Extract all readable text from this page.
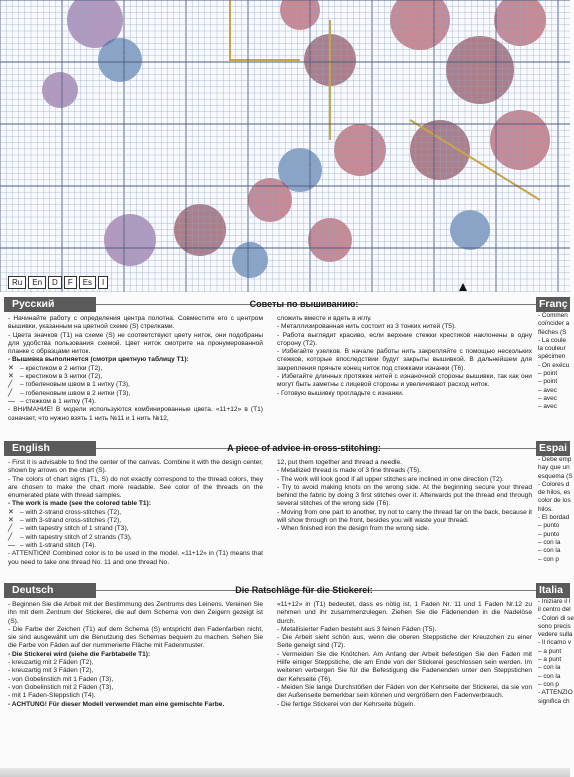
Ru	En	D	F	Es	I
Русский	Советы по вышиванию:

- Начинайте работу с определения центра полотна. Совместите его с центром вышивки, указанным на цветной схеме (S) стрелками.

- Цвета значков (T1) на схеме (S) не соответствуют цвету ниток, они подобраны для удобства пользования схемой. Цвет ниток смотрите на пронумерованной планке с образцами ниток.

- Вышивка выполняется (смотри цветную таблицу T1):

✕ – крестиком в 2 нитки (T2),

✕ – крестиком в 3 нитки (T2),

╱ – гобеленовым швом в 1 нитку (T3),

╱ – гобеленовым швом в 2 нитки (T3),

— – стежком в 1 нитку (T4).

- ВНИМАНИЕ! В модели используются комбинированные цвета. «11+12» в (T1) означает, что нужно взять 1 нить №11 и 1 нить №12,

сложить вместе и вдеть в иглу.

- Металлизированная нить состоит из 3 тонких нитей (T5).

- Работа выглядит красиво, если верхние стежки крестиков наклонены в одну сторону (T2).

- Избегайте узелков. В начале работы нить закрепляйте с помощью нескольких стежков, которые впоследствии будут закрыты вышивкой. В дальнейшем для закрепления прячьте конец ниток под стежками изнанки (T6).

- Избегайте длинных протяжек нитей с изнаночной стороны вышивки, так как они могут быть заметны с лицевой стороны и увеличивают расход ниток.

- Готовую вышивку прогладьте с изнанки.

English	A piece of advice in cross-stitching:

- First it is advisable to find the center of the canvas. Combine it with the design center, shown by arrows on the chart (S).

- The colors of chart signs (T1, S) do not exactly correspond to the thread colors, they are chosen to make the chart more readable. See color of the threads on the enumerated plate with thread samples.

- The work is made (see the colored table T1):

✕ – with 2-strand cross-stitches (T2),

✕ – with 3-strand cross-stitches (T2),

╱ – with tapestry stitch of 1 strand (T3),

╱ – with tapestry stitch of 2 strands (T3),

— – with 1-strand stitch (T4).

- ATTENTION! Combined color is to be used in the model. «11+12» in (T1) means that you need to take one thread No. 11 and one thread No.

12, put them together and thread a needle.

- Metallized thread is made of 3 fine threads (T5).

- The work will look good if all upper stitches are inclined in one direction (T2).

- Try to avoid making knots on the wrong side. At the beginning secure your thread behind the fabric by doing 3 first stitches over it. Afterwards put the thread end through several stitches of the wrong side (T6).

- Moving from one part to another, try not to carry the thread far on the back, because it will show through on the front, besides you will waste your thread.

- When finished iron the design from the wrong side.

Deutsch	Die Ratschläge für die Stickerei:

- Beginnen Sie die Arbeit mit der Bestimmung des Zentrums des Leinens. Vereinen Sie ihn mit dem Zentrum der Stickerei, die auf dem Schema von den Zeigern gezeigt ist (S).

- Die Farbe der Zeichen (T1) auf dem Schema (S) entspricht den Fadenfarben nicht, sie sind ausgewählt um die Benutzung des Schemas bequem zu machen. Sehen Sie die Farbe von Fäden auf der nummerierte Fläche mit Fadenmuster.

- Die Stickerei wird (siehe die Farbtabelle T1):

- kreuzartig mit 2 Fäden (T2),

- kreuzartig mit 3 Fäden (T2),

- von Gobelinstich mit 1 Faden (T3),

- von Gobelinstich mit 2 Fäden (T3),

- mit 1 Faden-Steppstich (T4).

- ACHTUNG! Für dieser Modell verwendet man eine gemischte Farbe.

«11+12» in (T1) bedeutet, dass es nötig ist, 1 Faden Nr. 11 und 1 Faden Nr.12 zu nehmen und ihr zusammenzulegen. Ziehen Sie die Fädenenden in die Nadelöse durch.

- Metallisierter Faden besteht aus 3 feinen Fäden (T5).

- Die Arbeit sieht schön aus, wenn die oberen Steppstiche der Kreuzchen zu einer Seite geneigt sind (T2).

- Vermeiden Sie die Knötchen. Am Anfang der Arbeit befestigen Sie den Faden mit Hilfe einiger Steppstiche, die am Ende von der Stickerei geschlossen sein werden. Im weiteren verbergen Sie für die Befestigung die Fadenenden unter den Steppstichen der Kehrseite (T6).

- Meiden Sie lange Durchstößen der Fäden von der Kehrseite der Stickerei, da sie von der Außenseite bemerkbar sein können und vergrößern den Fadenverbrauch.

- Die fertige Stickerei von der Kehrseite bügeln.

Franç
- Commen
coïncider a
flèches (S
- La coule
la couleur
spécimen
- On exécu
– point
– point
– avec
– avec
– avec
Espai
- Debe emp
hay que un
esquema (S
- Colores d
de hilos, es
color de los
hilos.
- El bordad
– punto
– punto
– con la
– con la
– con p
Italia
- Iniziare il l
il centro del
- Colori di se
sono precis
vedere sulla
- Il ricamo v
– a punt
– a punt
– con la
– con la
– con p
- ATTENZIO
significa ch
